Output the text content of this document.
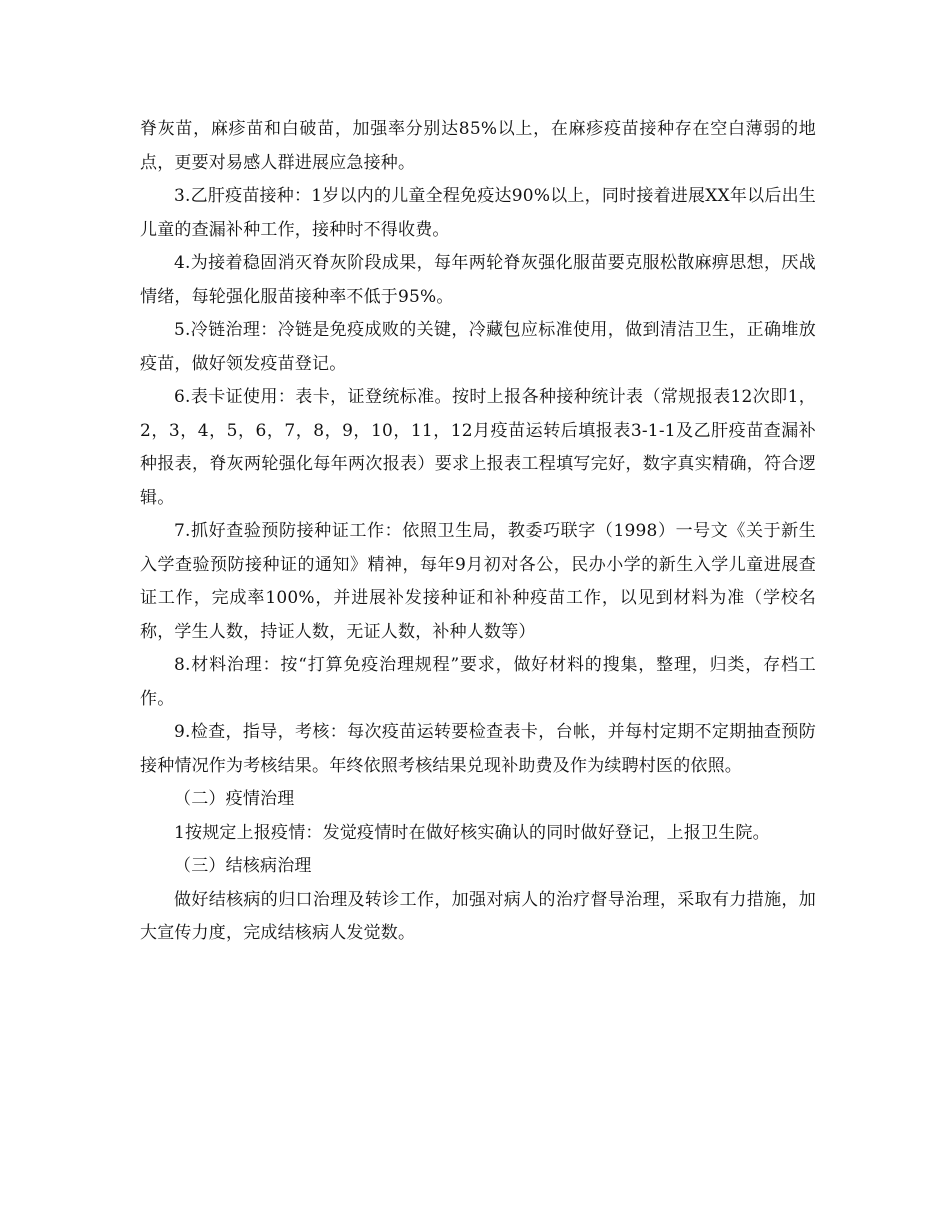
脊灰苗，麻疹苗和白破苗，加强率分别达85%以上，在麻疹疫苗接种存在空白薄弱的地点，更要对易感人群进展应急接种。

3.乙肝疫苗接种：1岁以内的儿童全程免疫达90%以上，同时接着进展XX年以后出生儿童的查漏补种工作，接种时不得收费。

4.为接着稳固消灭脊灰阶段成果，每年两轮脊灰强化服苗要克服松散麻痹思想，厌战情绪，每轮强化服苗接种率不低于95%。

5.冷链治理：冷链是免疫成败的关键，冷藏包应标准使用，做到清洁卫生，正确堆放疫苗，做好领发疫苗登记。

6.表卡证使用：表卡，证登统标准。按时上报各种接种统计表（常规报表12次即1，2，3，4，5，6，7，8，9，10，11，12月疫苗运转后填报表3-1-1及乙肝疫苗查漏补种报表，脊灰两轮强化每年两次报表）要求上报表工程填写完好，数字真实精确，符合逻辑。

7.抓好查验预防接种证工作：依照卫生局，教委巧联字（1998）一号文《关于新生入学查验预防接种证的通知》精神，每年9月初对各公，民办小学的新生入学儿童进展查证工作，完成率100%，并进展补发接种证和补种疫苗工作，以见到材料为准（学校名称，学生人数，持证人数，无证人数，补种人数等）

8.材料治理：按“打算免疫治理规程”要求，做好材料的搜集，整理，归类，存档工作。

9.检查，指导，考核：每次疫苗运转要检查表卡，台帐，并每村定期不定期抽查预防接种情况作为考核结果。年终依照考核结果兑现补助费及作为续聘村医的依照。

（二）疫情治理

1按规定上报疫情：发觉疫情时在做好核实确认的同时做好登记，上报卫生院。

（三）结核病治理

做好结核病的归口治理及转诊工作，加强对病人的治疗督导治理，采取有力措施，加大宣传力度，完成结核病人发觉数。
